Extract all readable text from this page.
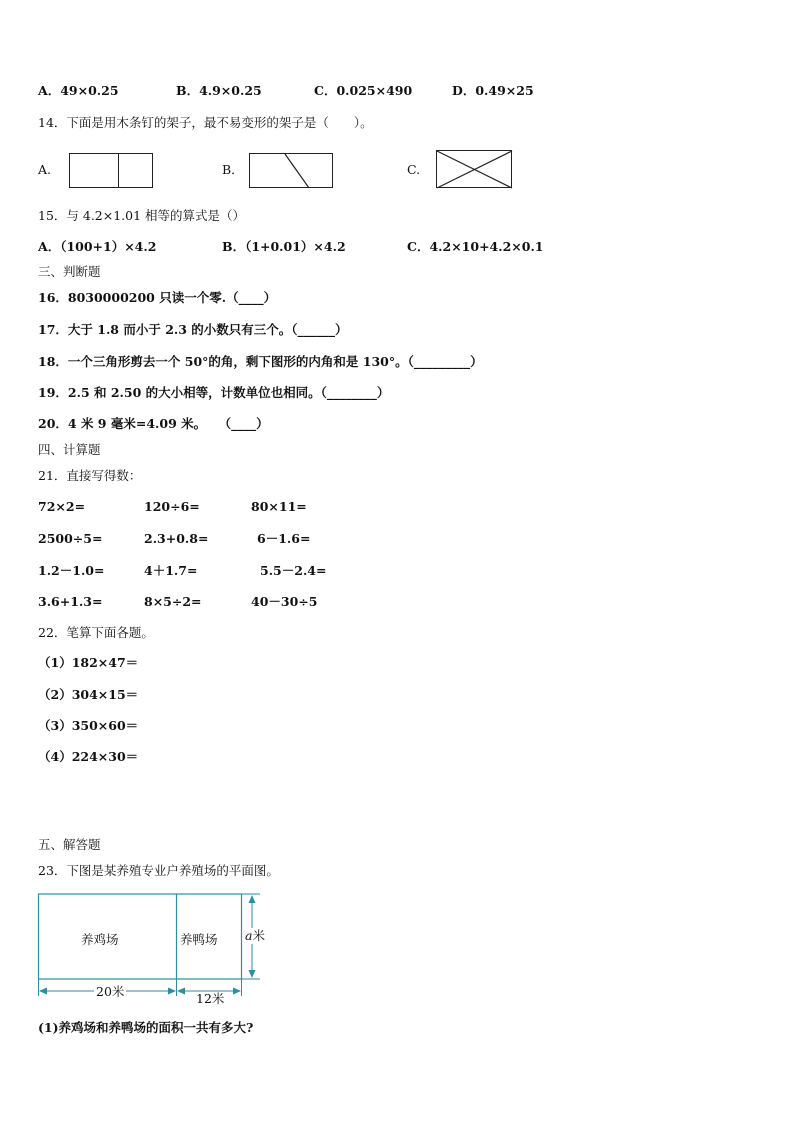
A．49×0.25	B．4.9×0.25	C．0.025×490	D．0.49×25
14．下面是用木条钉的架子，最不易变形的架子是（　　）。
A.	B．	C.
15．与 4.2×1.01 相等的算式是（）
A．（100+1）×4.2	B．（1+0.01）×4.2	C．4.2×10+4.2×0.1
三、判断题
16．8030000200 只读一个零.（____）
17．大于 1.8 而小于 2.3 的小数只有三个。（______）
18．一个三角形剪去一个 50°的角，剩下图形的内角和是 130°。（_________）
19．2.5 和 2.50 的大小相等，计数单位也相同。（________）
20．4 米 9 毫米=4.09 米。　　（____）
四、计算题
21．直接写得数：
72×2=	120÷6=	80×11=
2500÷5=	2.3+0.8=	6－1.6=
1.2－1.0=	4＋1.7=	5.5－2.4=
3.6+1.3=	8×5÷2=	40－30÷5
22．笔算下面各题。
（1）182×47＝
（2）304×15＝
（3）350×60＝
（4）224×30＝
五、解答题
23．下图是某养殖专业户养殖场的平面图。
养鸡场	养鸭场 a米
20米	12米
(1)养鸡场和养鸭场的面积一共有多大?
